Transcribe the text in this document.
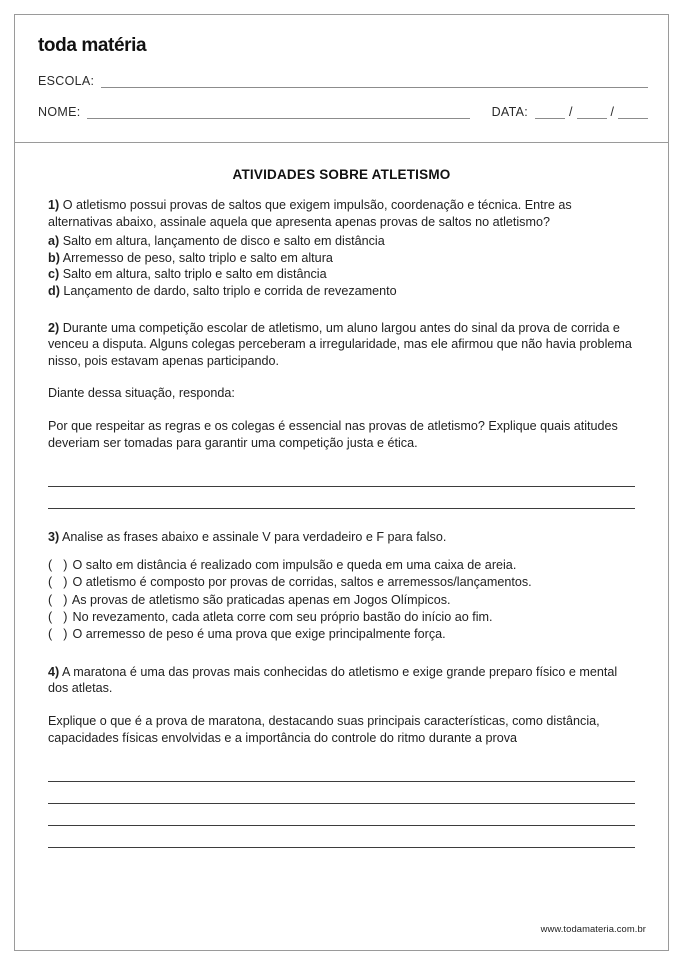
toda matéria
ESCOLA:
NOME:	DATA:	/	/
ATIVIDADES SOBRE ATLETISMO

1) O atletismo possui provas de saltos que exigem impulsão, coordenação e técnica. Entre as alternativas abaixo, assinale aquela que apresenta apenas provas de saltos no atletismo?

a) Salto em altura, lançamento de disco e salto em distância
b) Arremesso de peso, salto triplo e salto em altura
c) Salto em altura, salto triplo e salto em distância
d) Lançamento de dardo, salto triplo e corrida de revezamento

2) Durante uma competição escolar de atletismo, um aluno largou antes do sinal da prova de corrida e venceu a disputa. Alguns colegas perceberam a irregularidade, mas ele afirmou que não havia problema nisso, pois estavam apenas participando.

Diante dessa situação, responda:

Por que respeitar as regras e os colegas é essencial nas provas de atletismo? Explique quais atitudes deveriam ser tomadas para garantir uma competição justa e ética.

3) Analise as frases abaixo e assinale V para verdadeiro e F para falso.

( ) O salto em distância é realizado com impulsão e queda em uma caixa de areia.
( ) O atletismo é composto por provas de corridas, saltos e arremessos/lançamentos.
( ) As provas de atletismo são praticadas apenas em Jogos Olímpicos.
( ) No revezamento, cada atleta corre com seu próprio bastão do início ao fim.
( ) O arremesso de peso é uma prova que exige principalmente força.

4) A maratona é uma das provas mais conhecidas do atletismo e exige grande preparo físico e mental dos atletas.

Explique o que é a prova de maratona, destacando suas principais características, como distância, capacidades físicas envolvidas e a importância do controle do ritmo durante a prova

www.todamateria.com.br
